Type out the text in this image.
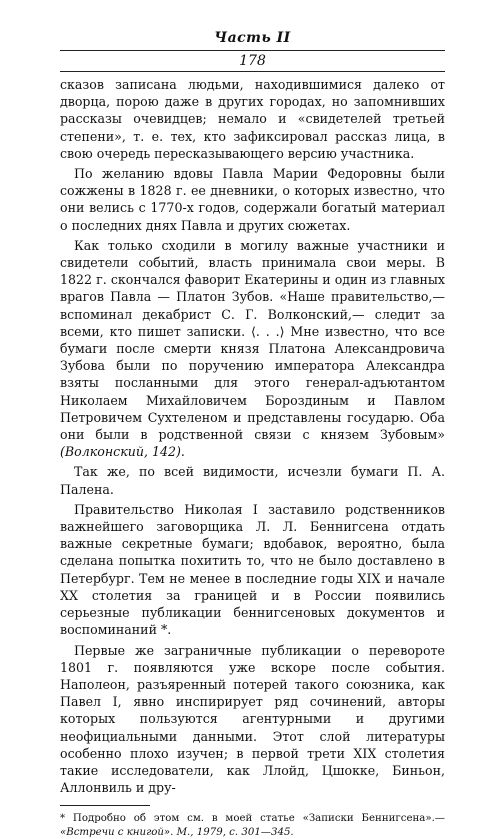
Часть II
178

сказов записана людьми, находившимися далеко от дворца, порою даже в других городах, но запомнивших рассказы очевидцев; немало и «свидетелей третьей степени», т. е. тех, кто зафиксировал рассказ лица, в свою очередь пересказывающего версию участника.

По желанию вдовы Павла Марии Федоровны были сожжены в 1828 г. ее дневники, о которых известно, что они велись с 1770-х годов, содержали богатый материал о последних днях Павла и других сюжетах.

Как только сходили в могилу важные участники и свидетели событий, власть принимала свои меры. В 1822 г. скончался фаворит Екатерины и один из главных врагов Павла — Платон Зубов. «Наше правительство,— вспоминал декабрист С. Г. Волконский,— следит за всеми, кто пишет записки. ⟨. . .⟩ Мне известно, что все бумаги после смерти князя Платона Александровича Зубова были по поручению императора Александра взяты посланными для этого генерал-адъютантом Николаем Михайловичем Бороздиным и Павлом Петровичем Сухтеленом и представлены государю. Оба они были в родственной связи с князем Зубовым» (Волконский, 142).

Так же, по всей видимости, исчезли бумаги П. А. Палена.

Правительство Николая I заставило родственников важнейшего заговорщика Л. Л. Беннигсена отдать важные секретные бумаги; вдобавок, вероятно, была сделана попытка похитить то, что не было доставлено в Петербург. Тем не менее в последние годы XIX и начале XX столетия за границей и в России появились серьезные публикации беннигсеновых документов и воспоминаний *.

Первые же заграничные публикации о перевороте 1801 г. появляются уже вскоре после события. Наполеон, разъяренный потерей такого союзника, как Павел I, явно инспирирует ряд сочинений, авторы которых пользуются агентурными и другими неофициальными данными. Этот слой литературы особенно плохо изучен; в первой трети XIX столетия такие исследователи, как Ллойд, Цшокке, Биньон, Аллонвиль и дру-

* Подробно об этом см. в моей статье «Записки Беннигсена».— «Встречи с книгой». М., 1979, с. 301—345.
